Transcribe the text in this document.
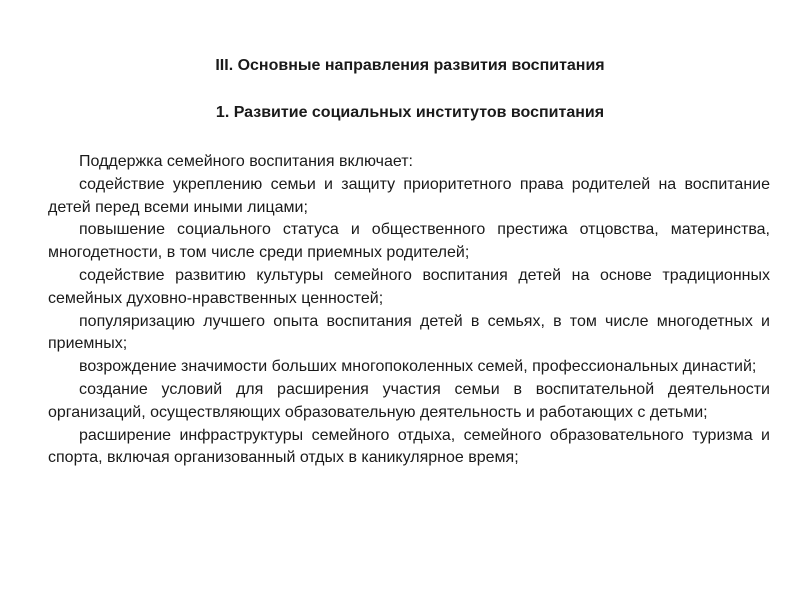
III. Основные направления развития воспитания
1. Развитие социальных институтов воспитания

Поддержка семейного воспитания включает:

содействие укреплению семьи и защиту приоритетного права родителей на воспитание детей перед всеми иными лицами;

повышение социального статуса и общественного престижа отцовства, материнства, многодетности, в том числе среди приемных родителей;

содействие развитию культуры семейного воспитания детей на основе традиционных семейных духовно-нравственных ценностей;

популяризацию лучшего опыта воспитания детей в семьях, в том числе многодетных и приемных;

возрождение значимости больших многопоколенных семей, профессиональных династий;

создание условий для расширения участия семьи в воспитательной деятельности организаций, осуществляющих образовательную деятельность и работающих с детьми;

расширение инфраструктуры семейного отдыха, семейного образовательного туризма и спорта, включая организованный отдых в каникулярное время;
